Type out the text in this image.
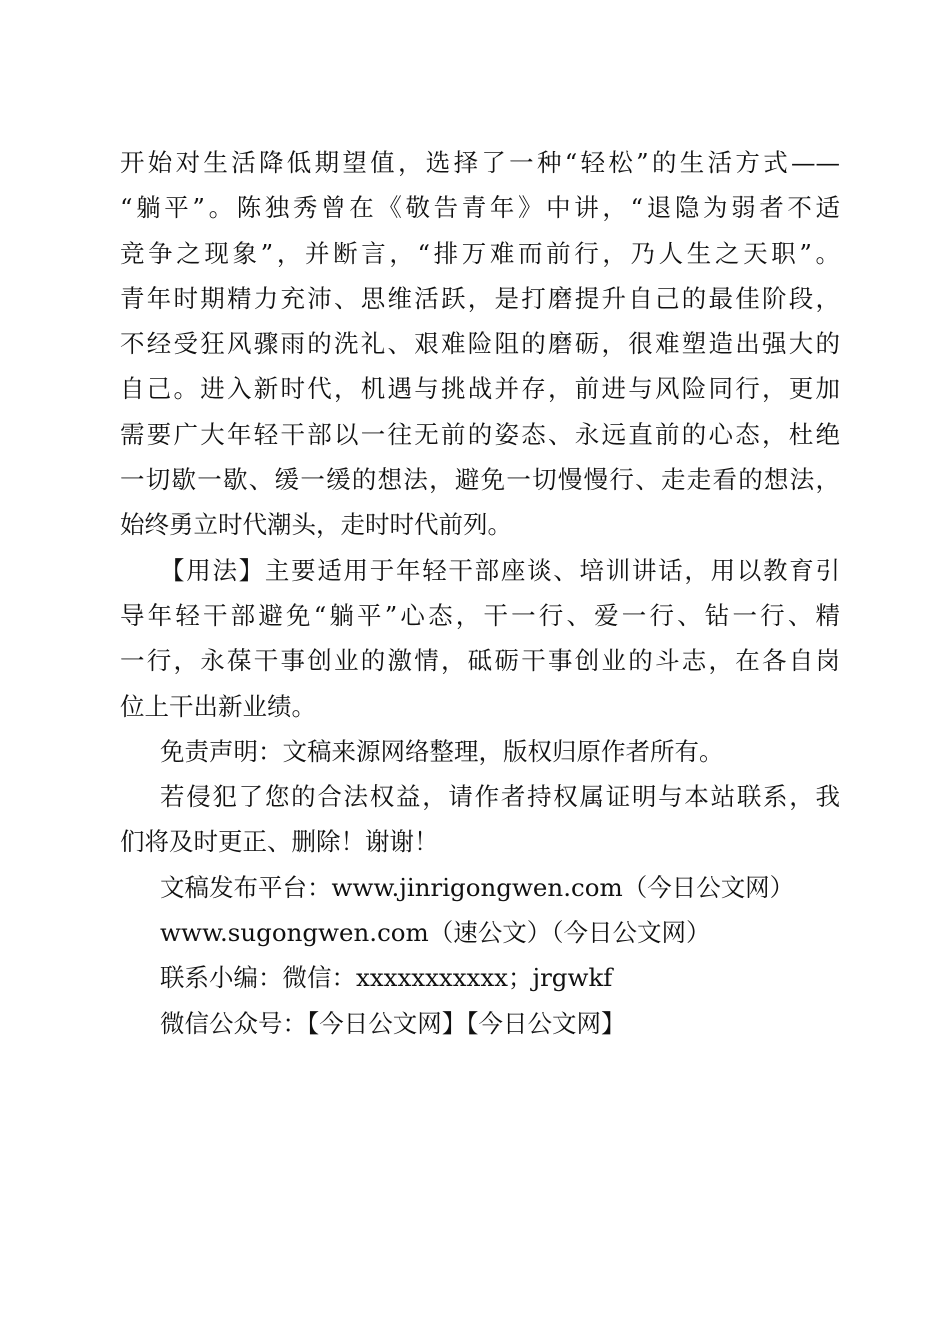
开始对生活降低期望值，选择了一种“轻松”的生活方式——
“躺平”。陈独秀曾在《敬告青年》中讲，“退隐为弱者不适
竞争之现象”，并断言，“排万难而前行，乃人生之天职”。
青年时期精力充沛、思维活跃，是打磨提升自己的最佳阶段，
不经受狂风骤雨的洗礼、艰难险阻的磨砺，很难塑造出强大的
自己。进入新时代，机遇与挑战并存，前进与风险同行，更加
需要广大年轻干部以一往无前的姿态、永远直前的心态，杜绝
一切歇一歇、缓一缓的想法，避免一切慢慢行、走走看的想法，
始终勇立时代潮头，走时时代前列。
【用法】主要适用于年轻干部座谈、培训讲话，用以教育引
导年轻干部避免“躺平”心态，干一行、爱一行、钻一行、精
一行，永葆干事创业的激情，砥砺干事创业的斗志，在各自岗
位上干出新业绩。
免责声明：文稿来源网络整理，版权归原作者所有。
若侵犯了您的合法权益，请作者持权属证明与本站联系，我
们将及时更正、删除！谢谢！
文稿发布平台：www.jinrigongwen.com（今日公文网）
www.sugongwen.com（速公文）（今日公文网）
联系小编：微信：xxxxxxxxxxx；jrgwkf
微信公众号：【今日公文网】【今日公文网】
